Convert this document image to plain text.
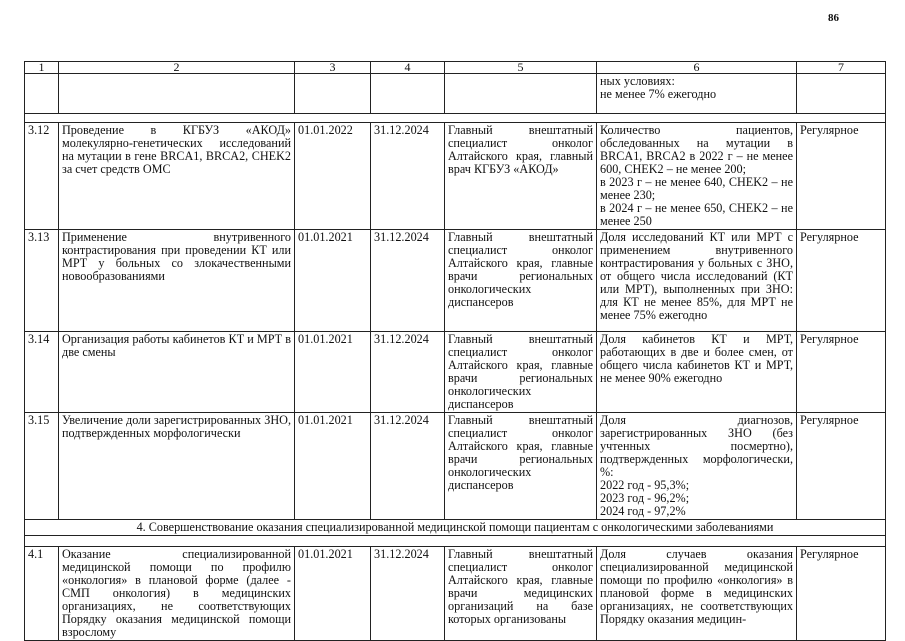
86
1	2	3	4	5	6	7
					ных условиях:
не менее 7% ежегодно	

3.12	Проведение в КГБУЗ «АКОД» молекулярно-генетических исследований на мутации в гене BRCA1, BRCA2, CHEK2 за счет средств ОМС	01.01.2022	31.12.2024	Главный внештатный специалист онколог Алтайского края, главный врач КГБУЗ «АКОД»	Количество пациентов, обследованных на мутации в BRCA1, BRCA2 в 2022 г – не менее 600, CHEK2 – не менее 200;
в 2023 г – не менее 640, CHEK2 – не менее 230;
в 2024 г – не менее 650, CHEK2 – не менее 250	Регулярное
3.13	Применение внутривенного контрастирования при проведении КТ или МРТ у больных со злокачественными новообразованиями	01.01.2021	31.12.2024	Главный внештатный специалист онколог Алтайского края, главные врачи региональных онкологических диспансеров	Доля исследований КТ или МРТ с применением внутривенного контрастирования у больных с ЗНО, от общего числа исследований (КТ или МРТ), выполненных при ЗНО: для КТ не менее 85%, для МРТ не менее 75% ежегодно	Регулярное
3.14	Организация работы кабинетов КТ и МРТ в две смены	01.01.2021	31.12.2024	Главный внештатный специалист онколог Алтайского края, главные врачи региональных онкологических диспансеров	Доля кабинетов КТ и МРТ, работающих в две и более смен, от общего числа кабинетов КТ и МРТ, не менее 90% ежегодно	Регулярное
3.15	Увеличение доли зарегистрированных ЗНО, подтвержденных морфологически	01.01.2021	31.12.2024	Главный внештатный специалист онколог Алтайского края, главные врачи региональных онкологических диспансеров	Доля диагнозов, зарегистрированных ЗНО (без учтенных посмертно), подтвержденных морфологически, %:
2022 год - 95,3%;
2023 год - 96,2%;
2024 год - 97,2%	Регулярное
4. Совершенствование оказания специализированной медицинской помощи пациентам с онкологическими заболеваниями						

4.1	Оказание специализированной медицинской помощи по профилю «онкология» в плановой форме (далее - СМП онкология) в медицинских организациях, не соответствующих Порядку оказания медицинской помощи взрослому	01.01.2021	31.12.2024	Главный внештатный специалист онколог Алтайского края, главные врачи медицинских организаций на базе которых организованы	Доля случаев оказания специализированной медицинской помощи по профилю «онкология» в плановой форме в медицинских организациях, не соответствующих Порядку оказания медицин-	Регулярное
